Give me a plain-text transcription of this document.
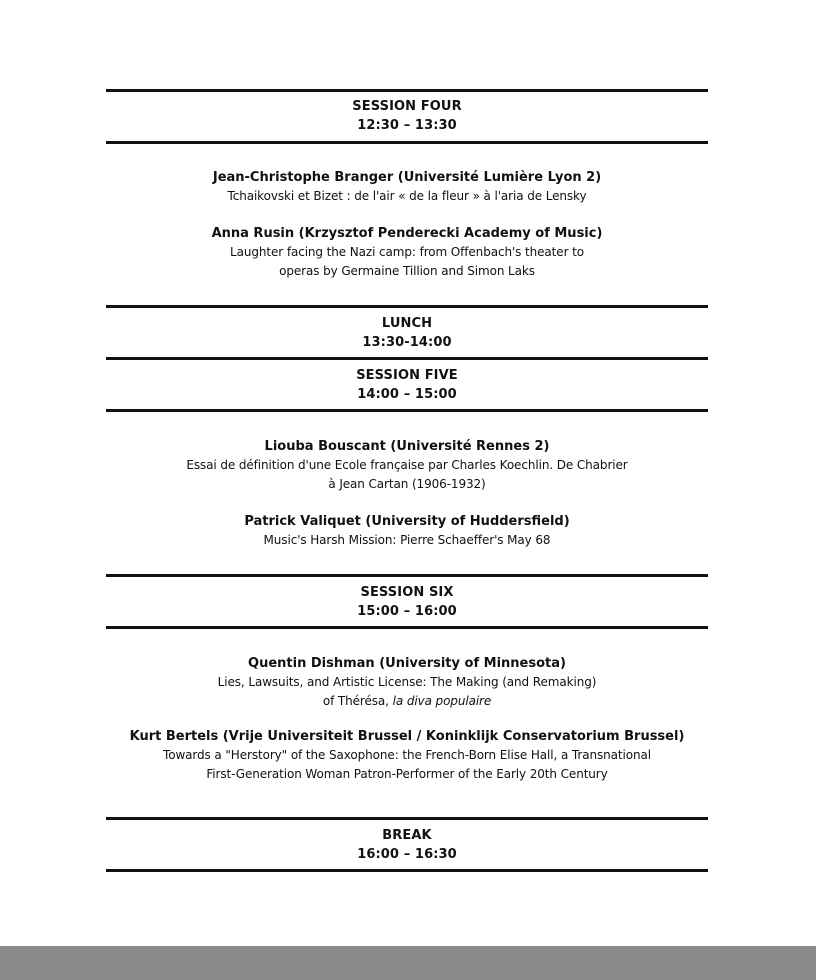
SESSION FOUR
12:30 – 13:30
Jean-Christophe Branger (Université Lumière Lyon 2)
Tchaikovski et Bizet : de l'air « de la fleur » à l'aria de Lensky
Anna Rusin (Krzysztof Penderecki Academy of Music)
Laughter facing the Nazi camp: from Offenbach's theater to
operas by Germaine Tillion and Simon Laks
LUNCH
13:30-14:00
SESSION FIVE
14:00 – 15:00
Liouba Bouscant (Université Rennes 2)
Essai de définition d'une Ecole française par Charles Koechlin. De Chabrier
à Jean Cartan (1906-1932)
Patrick Valiquet (University of Huddersfield)
Music's Harsh Mission: Pierre Schaeffer's May 68
SESSION SIX
15:00 – 16:00
Quentin Dishman (University of Minnesota)
Lies, Lawsuits, and Artistic License: The Making (and Remaking)
of Thérésa, la diva populaire
Kurt Bertels (Vrije Universiteit Brussel / Koninklijk Conservatorium Brussel)
Towards a "Herstory" of the Saxophone: the French-Born Elise Hall, a Transnational
First-Generation Woman Patron-Performer of the Early 20th Century
BREAK
16:00 – 16:30
